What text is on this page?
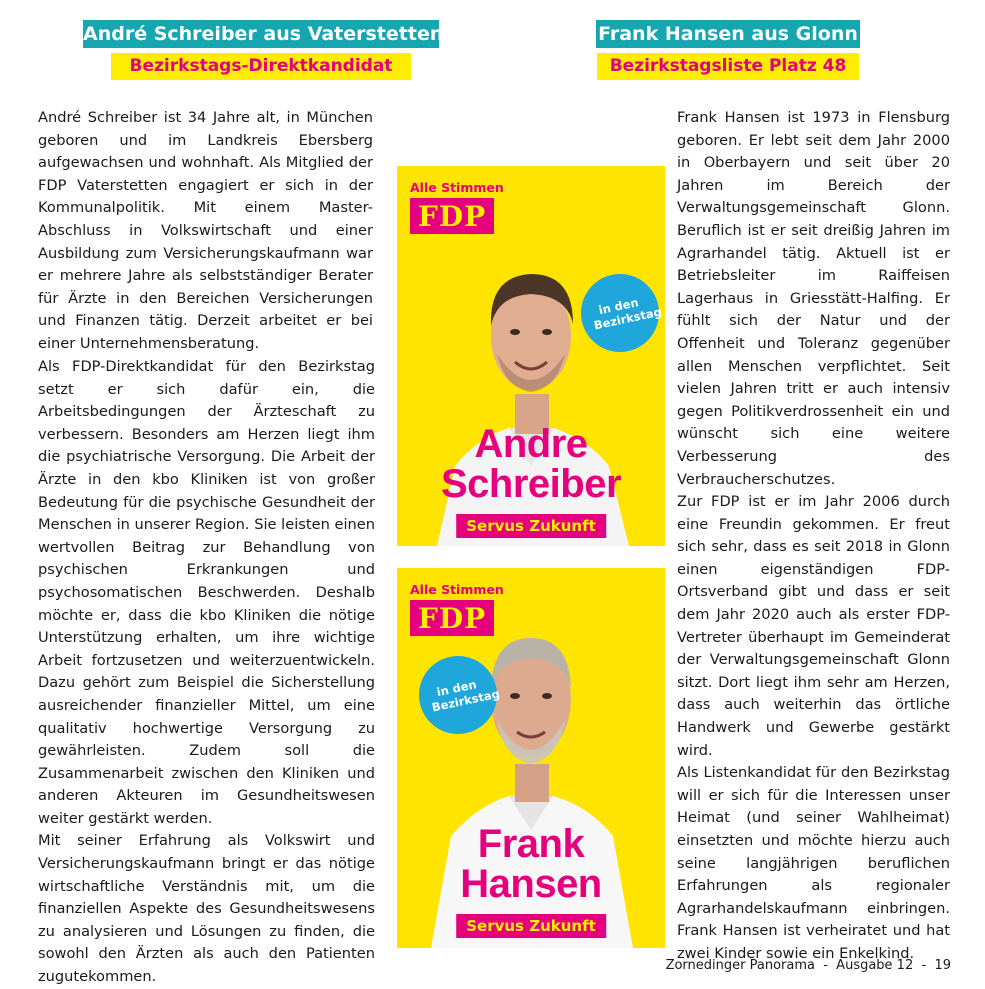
André Schreiber aus Vaterstetten
Bezirkstags-Direktkandidat
Frank Hansen aus Glonn
Bezirkstagsliste Platz 48

André Schreiber ist 34 Jahre alt, in München geboren und im Landkreis Ebersberg aufgewachsen und wohnhaft. Als Mitglied der FDP Vaterstetten engagiert er sich in der Kommunalpolitik. Mit einem Master-Abschluss in Volkswirtschaft und einer Ausbildung zum Versicherungskaufmann war er mehrere Jahre als selbstständiger Berater für Ärzte in den Bereichen Versicherungen und Finanzen tätig. Derzeit arbeitet er bei einer Unternehmensberatung.

Frank Hansen ist 1973 in Flensburg geboren. Er lebt seit dem Jahr 2000 in Oberbayern und seit über 20 Jahren im Bereich der Verwaltungsgemeinschaft Glonn. Beruflich ist er seit dreißig Jahren im Agrarhandel tätig. Aktuell ist er Betriebsleiter im Raiffeisen Lagerhaus in Griesstätt-Halfing. Er fühlt sich der Natur und der Offenheit und Toleranz gegenüber allen Menschen verpflichtet. Seit vielen Jahren tritt er auch intensiv gegen Politikverdrossenheit ein und wünscht sich eine weitere Verbesserung des Verbraucherschutzes.

Zur FDP ist er im Jahr 2006 durch eine Freundin gekommen. Er freut sich sehr, dass es seit 2018 in Glonn einen eigenständigen FDP-Ortsverband gibt und dass er seit dem Jahr 2020 auch als erster FDP-Vertreter überhaupt im Gemeinderat der Verwaltungsgemeinschaft Glonn sitzt. Dort liegt ihm sehr am Herzen, dass auch weiterhin das örtliche Handwerk und Gewerbe gestärkt wird.

Als Listenkandidat für den Bezirkstag will er sich für die Interessen unser Heimat (und seiner Wahlheimat) einsetzten und möchte hierzu auch seine langjährigen beruflichen Erfahrungen als regionaler Agrarhandelskaufmann einbringen. Frank Hansen ist verheiratet und hat zwei Kinder sowie ein Enkelkind.

Alle Stimmen
FDP
in den Bezirkstag
Andre
Schreiber
Servus Zukunft
Alle Stimmen
FDP
in den Bezirkstag
Frank
Hansen
Servus Zukunft

Als FDP-Direktkandidat für den Bezirkstag setzt er sich dafür ein, die Arbeitsbedingungen der Ärzteschaft zu verbessern. Besonders am Herzen liegt ihm die psychiatrische Versorgung. Die Arbeit der Ärzte in den kbo Kliniken ist von großer Bedeutung für die psychische Gesundheit der Menschen in unserer Region. Sie leisten einen wertvollen Beitrag zur Behandlung von psychischen Erkrankungen und psychosomatischen Beschwerden. Deshalb möchte er, dass die kbo Kliniken die nötige Unterstützung erhalten, um ihre wichtige Arbeit fortzusetzen und weiterzuentwickeln. Dazu gehört zum Beispiel die Sicherstellung ausreichender finanzieller Mittel, um eine qualitativ hochwertige Versorgung zu gewährleisten. Zudem soll die Zusammenarbeit zwischen den Kliniken und anderen Akteuren im Gesundheitswesen weiter gestärkt werden.

Mit seiner Erfahrung als Volkswirt und Versicherungskaufmann bringt er das nötige wirtschaftliche Verständnis mit, um die finanziellen Aspekte des Gesundheitswesens zu analysieren und Lösungen zu finden, die sowohl den Ärzten als auch den Patienten zugutekommen.

Zornedinger Panorama  -  Ausgabe 12  -  19
